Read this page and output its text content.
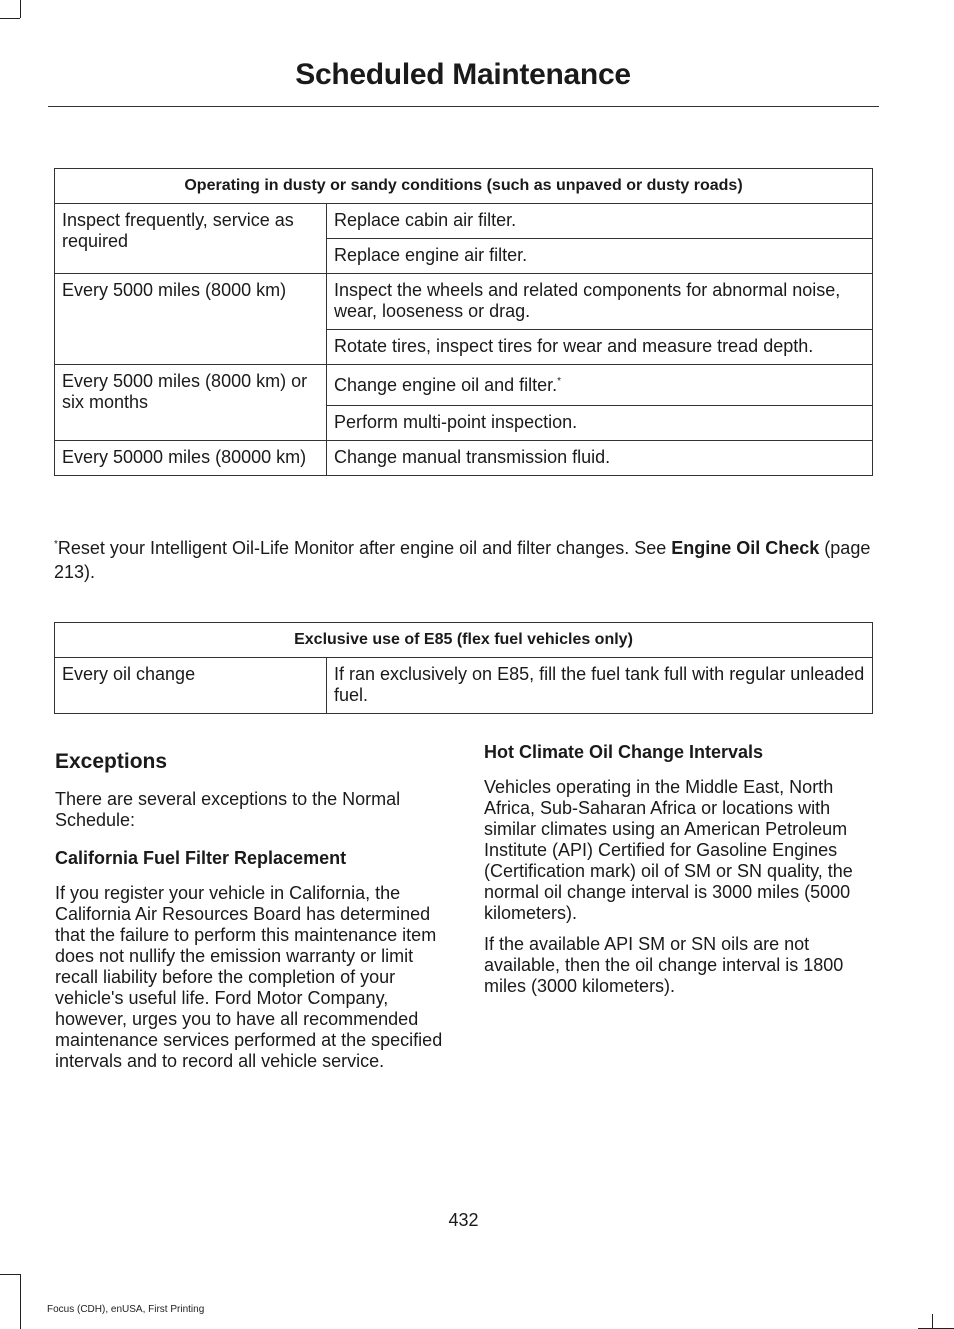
Scheduled Maintenance
Operating in dusty or sandy conditions (such as unpaved or dusty roads)	
Inspect frequently, service as required	Replace cabin air filter.
	Replace engine air filter.
Every 5000 miles (8000 km)	Inspect the wheels and related components for abnormal noise, wear, looseness or drag.
	Rotate tires, inspect tires for wear and measure tread depth.
Every 5000 miles (8000 km) or six months	Change engine oil and filter.*
	Perform multi-point inspection.
Every 50000 miles (80000 km)	Change manual transmission fluid.
*Reset your Intelligent Oil-Life Monitor after engine oil and filter changes. See Engine Oil Check (page 213).
Exclusive use of E85 (flex fuel vehicles only)
Every oil change	If ran exclusively on E85, fill the fuel tank full with regular unleaded fuel.
Exceptions

There are several exceptions to the Normal Schedule:

California Fuel Filter Replacement

If you register your vehicle in California, the California Air Resources Board has determined that the failure to perform this maintenance item does not nullify the emission warranty or limit recall liability before the completion of your vehicle's useful life. Ford Motor Company, however, urges you to have all recommended maintenance services performed at the specified intervals and to record all vehicle service.

Hot Climate Oil Change Intervals

Vehicles operating in the Middle East, North Africa, Sub-Saharan Africa or locations with similar climates using an American Petroleum Institute (API) Certified for Gasoline Engines (Certification mark) oil of SM or SN quality, the normal oil change interval is 3000 miles (5000 kilometers).

If the available API SM or SN oils are not available, then the oil change interval is 1800 miles (3000 kilometers).

432
Focus (CDH), enUSA, First Printing
